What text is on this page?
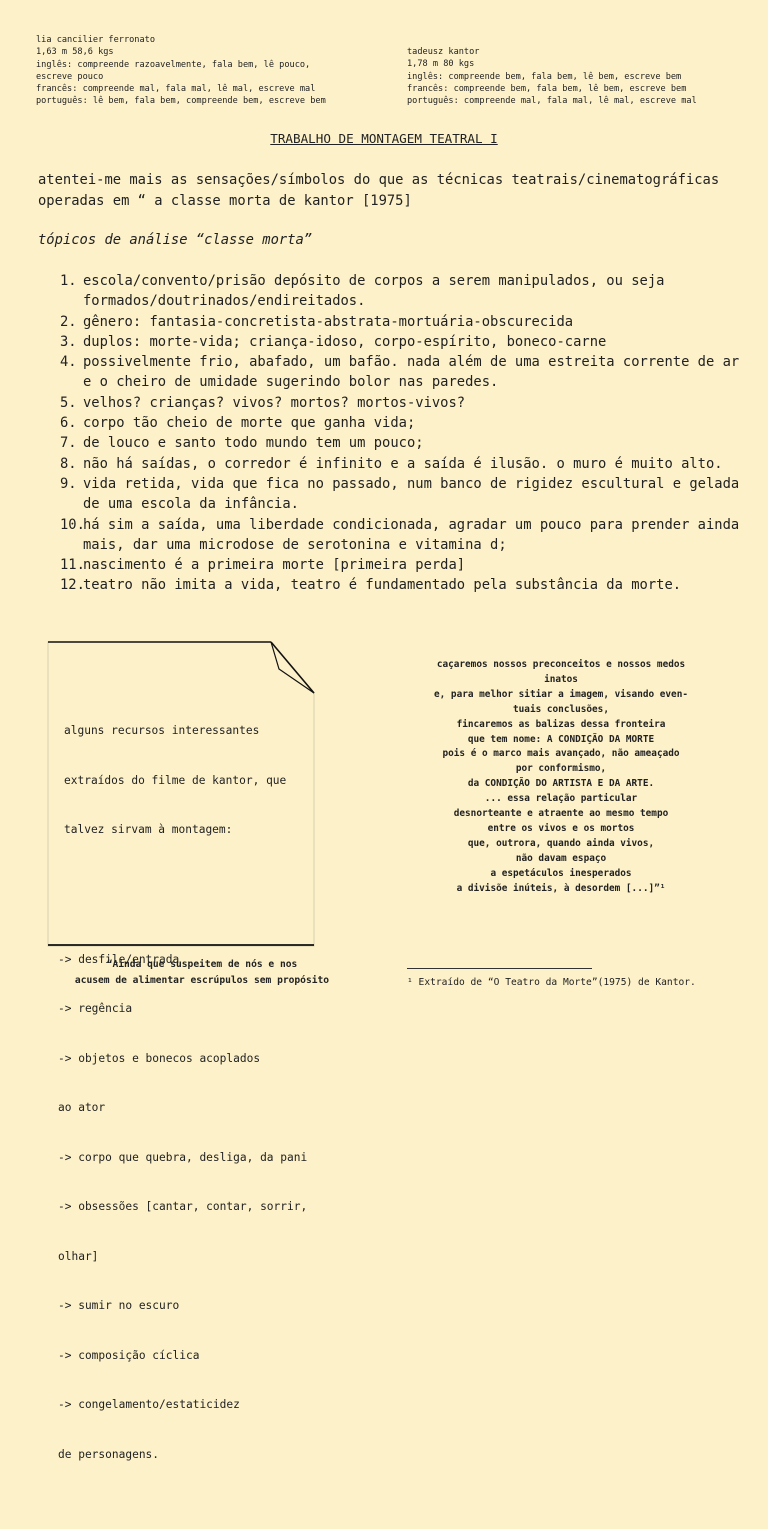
lia cancilier ferronato
1,63 m 58,6 kgs
inglês: compreende razoavelmente, fala bem, lê pouco,
escreve pouco
francês: compreende mal, fala mal, lê mal, escreve mal
português: lê bem, fala bem, compreende bem, escreve bem
tadeusz kantor
1,78 m 80 kgs
inglês: compreende bem, fala bem, lê bem, escreve bem
francês: compreende bem, fala bem, lê bem, escreve bem
português: compreende mal, fala mal, lê mal, escreve mal
TRABALHO DE MONTAGEM TEATRAL I
atentei-me mais as sensações/símbolos do que as técnicas teatrais/cinematográficas operadas em “ a classe morta de kantor [1975]
tópicos de análise “classe morta”
1. escola/convento/prisão depósito de corpos a serem manipulados, ou seja formados/doutrinados/endireitados.
2. gênero: fantasia-concretista-abstrata-mortuária-obscurecida
3. duplos: morte-vida; criança-idoso, corpo-espírito, boneco-carne
4. possivelmente frio, abafado, um bafão. nada além de uma estreita corrente de ar e o cheiro de umidade sugerindo bolor nas paredes.
5. velhos? crianças? vivos? mortos? mortos-vivos?
6. corpo tão cheio de morte que ganha vida;
7. de louco e santo todo mundo tem um pouco;
8. não há saídas, o corredor é infinito e a saída é ilusão. o muro é muito alto.
9. vida retida, vida que fica no passado, num banco de rigidez escultural e gelada de uma escola da infância.
10.
há sim a saída, uma liberdade condicionada, agradar um pouco para prender ainda mais, dar uma microdose de serotonina e vitamina d;
11.
nascimento é a primeira morte [primeira perda]
12.
teatro não imita a vida, teatro é fundamentado pela substância da morte.

alguns recursos interessantes

extraídos do filme de kantor, que

talvez sirvam à montagem:

-> desfile/entrada

-> regência

-> objetos e bonecos acoplados

ao ator

-> corpo que quebra, desliga, da pani

-> obsessões [cantar, contar, sorrir,

olhar]

-> sumir no escuro

-> composição cíclica

-> congelamento/estaticidez

de personagens.

“Ainda que suspeitem de nós e nos
acusem de alimentar escrúpulos sem propósito
caçaremos nossos preconceitos e nossos medos
inatos
e, para melhor sitiar a imagem, visando even-
tuais conclusões,
fincaremos as balizas dessa fronteira
que tem nome: A CONDIÇÃO DA MORTE
pois é o marco mais avançado, não ameaçado
por conformismo,
da CONDIÇÃO DO ARTISTA E DA ARTE.
... essa relação particular
desnorteante e atraente ao mesmo tempo
entre os vivos e os mortos
que, outrora, quando ainda vivos,
não davam espaço
a espetáculos inesperados
a divisõe inúteis, à desordem [...]”¹
¹ Extraído de “O Teatro da Morte”(1975) de Kantor.
